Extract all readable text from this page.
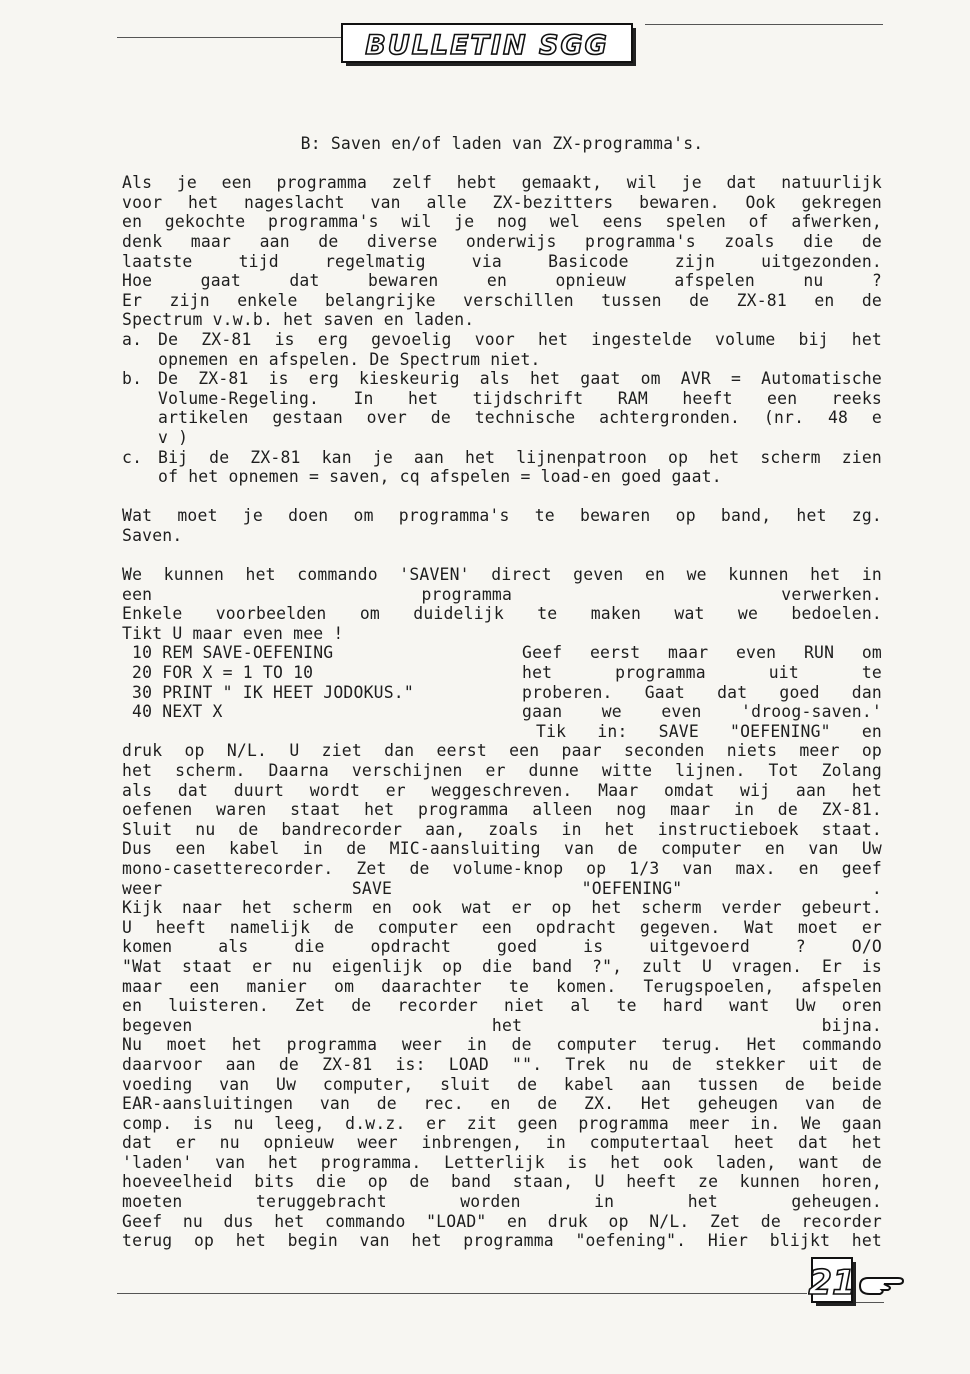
BULLETIN SGG

B: Saven en/of laden van ZX-programma's.

Als je een programma zelf hebt gemaakt, wil je dat natuurlijk

voor het nageslacht van alle ZX-bezitters bewaren. Ook gekregen

en gekochte programma's wil je nog wel eens spelen of afwerken,

denk maar aan de diverse onderwijs programma's zoals die de

laatste tijd regelmatig via Basicode zijn uitgezonden.

Hoe gaat dat bewaren en opnieuw afspelen nu ?

Er zijn enkele belangrijke verschillen tussen de ZX-81 en de

Spectrum v.w.b. het saven en laden.

a. De ZX-81 is erg gevoelig voor het ingestelde volume bij het

opnemen en afspelen. De Spectrum niet.

b. De ZX-81 is erg kieskeurig als het gaat om AVR = Automatische

Volume-Regeling. In het tijdschrift RAM heeft een reeks

artikelen gestaan over de technische achtergronden. (nr. 48 e

v )

c. Bij de ZX-81 kan je aan het lijnenpatroon op het scherm zien

of het opnemen = saven, cq afspelen = load-en goed gaat.

Wat moet je doen om programma's te bewaren op band, het zg.

Saven.

We kunnen het commando 'SAVEN' direct geven en we kunnen het in

een programma verwerken.

Enkele voorbeelden om duidelijk te maken wat we bedoelen.

Tikt U maar even mee !

10 REM SAVE-OEFENING

20 FOR X = 1 TO 10

30 PRINT " IK HEET JODOKUS."

40 NEXT X

Geef eerst maar even RUN om

het programma uit te

proberen. Gaat dat goed dan

gaan we even 'droog-saven.'

Tik in: SAVE "OEFENING" en

druk op N/L. U ziet dan eerst een paar seconden niets meer op

het scherm. Daarna verschijnen er dunne witte lijnen. Tot Zolang

als dat duurt wordt er weggeschreven. Maar omdat wij aan het

oefenen waren staat het programma alleen nog maar in de ZX-81.

Sluit nu de bandrecorder aan, zoals in het instructieboek staat.

Dus een kabel in de MIC-aansluiting van de computer en van Uw

mono-casetterecorder. Zet de volume-knop op 1/3 van max. en geef

weer SAVE "OEFENING" .

Kijk naar het scherm en ook wat er op het scherm verder gebeurt.

U heeft namelijk de computer een opdracht gegeven. Wat moet er

komen als die opdracht goed is uitgevoerd ? O/O

"Wat staat er nu eigenlijk op die band ?", zult U vragen. Er is

maar een manier om daarachter te komen. Terugspoelen, afspelen

en luisteren. Zet de recorder niet al te hard want Uw oren

begeven het bijna.

Nu moet het programma weer in de computer terug. Het commando

daarvoor aan de ZX-81 is: LOAD "". Trek nu de stekker uit de

voeding van Uw computer, sluit de kabel aan tussen de beide

EAR-aansluitingen van de rec. en de ZX. Het geheugen van de

comp. is nu leeg, d.w.z. er zit geen programma meer in. We gaan

dat er nu opnieuw weer inbrengen, in computertaal heet dat het

'laden' van het programma. Letterlijk is het ook laden, want de

hoeveelheid bits die op de band staan, U heeft ze kunnen horen,

moeten teruggebracht worden in het geheugen.

Geef nu dus het commando "LOAD" en druk op N/L. Zet de recorder

terug op het begin van het programma "oefening". Hier blijkt het

21
